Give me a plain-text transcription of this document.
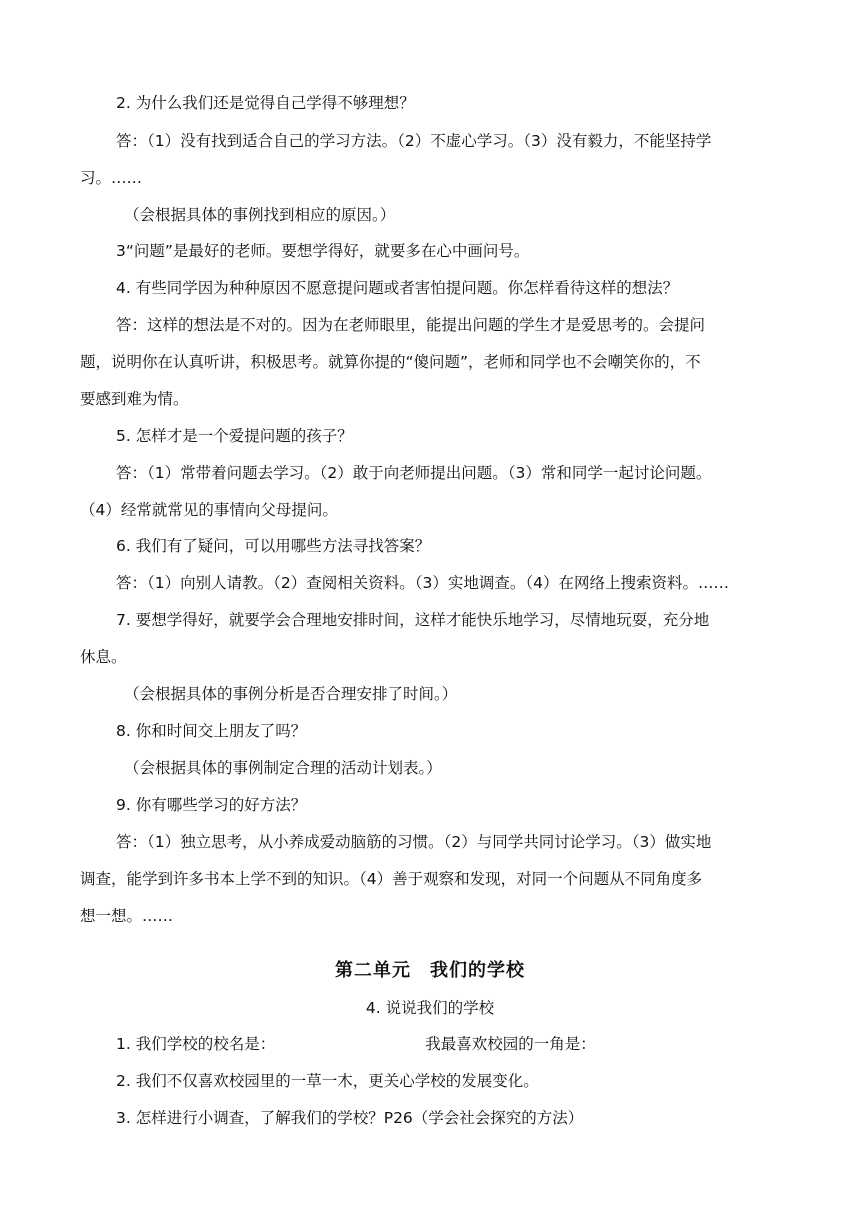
2. 为什么我们还是觉得自己学得不够理想？
答：（1）没有找到适合自己的学习方法。（2）不虚心学习。（3）没有毅力，不能坚持学
习。……
（会根据具体的事例找到相应的原因。）
3“问题”是最好的老师。要想学得好，就要多在心中画问号。
4. 有些同学因为种种原因不愿意提问题或者害怕提问题。你怎样看待这样的想法？
答：这样的想法是不对的。因为在老师眼里，能提出问题的学生才是爱思考的。会提问
题，说明你在认真听讲，积极思考。就算你提的“傻问题”，老师和同学也不会嘲笑你的，不
要感到难为情。
5. 怎样才是一个爱提问题的孩子？
答：（1）常带着问题去学习。（2）敢于向老师提出问题。（3）常和同学一起讨论问题。
（4）经常就常见的事情向父母提问。
6. 我们有了疑问，可以用哪些方法寻找答案？
答：（1）向别人请教。（2）查阅相关资料。（3）实地调查。（4）在网络上搜索资料。……
7. 要想学得好，就要学会合理地安排时间，这样才能快乐地学习，尽情地玩耍，充分地
休息。
（会根据具体的事例分析是否合理安排了时间。）
8. 你和时间交上朋友了吗？
（会根据具体的事例制定合理的活动计划表。）
9. 你有哪些学习的好方法？
答：（1）独立思考，从小养成爱动脑筋的习惯。（2）与同学共同讨论学习。（3）做实地
调查，能学到许多书本上学不到的知识。（4）善于观察和发现，对同一个问题从不同角度多
想一想。……
第二单元　我们的学校
4. 说说我们的学校
1. 我们学校的校名是：	我最喜欢校园的一角是：
2. 我们不仅喜欢校园里的一草一木，更关心学校的发展变化。
3. 怎样进行小调查，了解我们的学校？P26（学会社会探究的方法）
